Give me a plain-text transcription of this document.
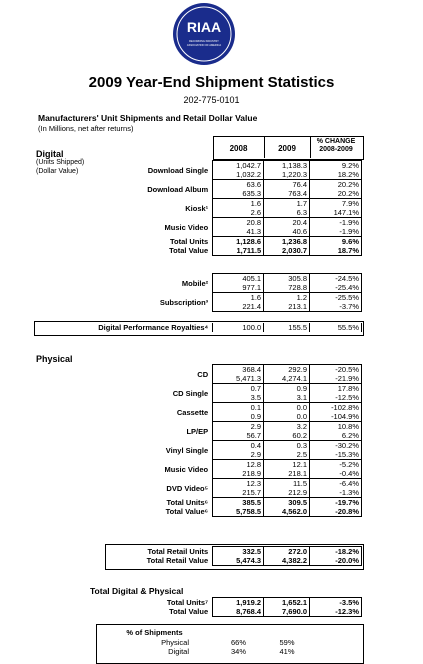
RIAA
RECORDING INDUSTRY
ASSOCIATION OF AMERICA
2009 Year-End Shipment Statistics
202-775-0101
Manufacturers' Unit Shipments and Retail Dollar Value
(In Millions, net after returns)
2008	2009
% CHANGE
2008-2009
Digital
(Units Shipped)
(Dollar Value)	Download Single	1,042.7	1,138.3	9.2%
	1,032.2	1,220.3	18.2%
Download Album	63.6	76.4	20.2%
	635.3	763.4	20.2%
Kiosk¹	1.6	1.7	7.9%
	2.6	6.3	147.1%
Music Video	20.8	20.4	-1.9%
	41.3	40.6	-1.9%
Total Units	1,128.6	1,236.8	9.6%
Total Value	1,711.5	2,030.7	18.7%
Mobile²	405.1	305.8	-24.5%
	977.1	728.8	-25.4%
Subscription³	1.6	1.2	-25.5%
	221.4	213.1	-3.7%
Digital Performance Royalties⁴	100.0	155.5	55.5%
Physical
CD	368.4	292.9	-20.5%
	5,471.3	4,274.1	-21.9%
CD Single	0.7	0.9	17.8%
	3.5	3.1	-12.5%
Cassette	0.1	0.0	-102.8%
	0.9	0.0	-104.9%
LP/EP	2.9	3.2	10.8%
	56.7	60.2	6.2%
Vinyl Single	0.4	0.3	-30.2%
	2.9	2.5	-15.3%
Music Video	12.8	12.1	-5.2%
	218.9	218.1	-0.4%
DVD Video⁵	12.3	11.5	-6.4%
	215.7	212.9	-1.3%
Total Units⁶	385.5	309.5	-19.7%
Total Value⁶	5,758.5	4,562.0	-20.8%
Total Retail Units	332.5	272.0	-18.2%
Total Retail Value	5,474.3	4,382.2	-20.0%
Total Digital & Physical
Total Units⁷	1,919.2	1,652.1	-3.5%
Total Value	8,768.4	7,690.0	-12.3%
% of Shipments
Physical	66%	59%	
Digital	34%	41%	
